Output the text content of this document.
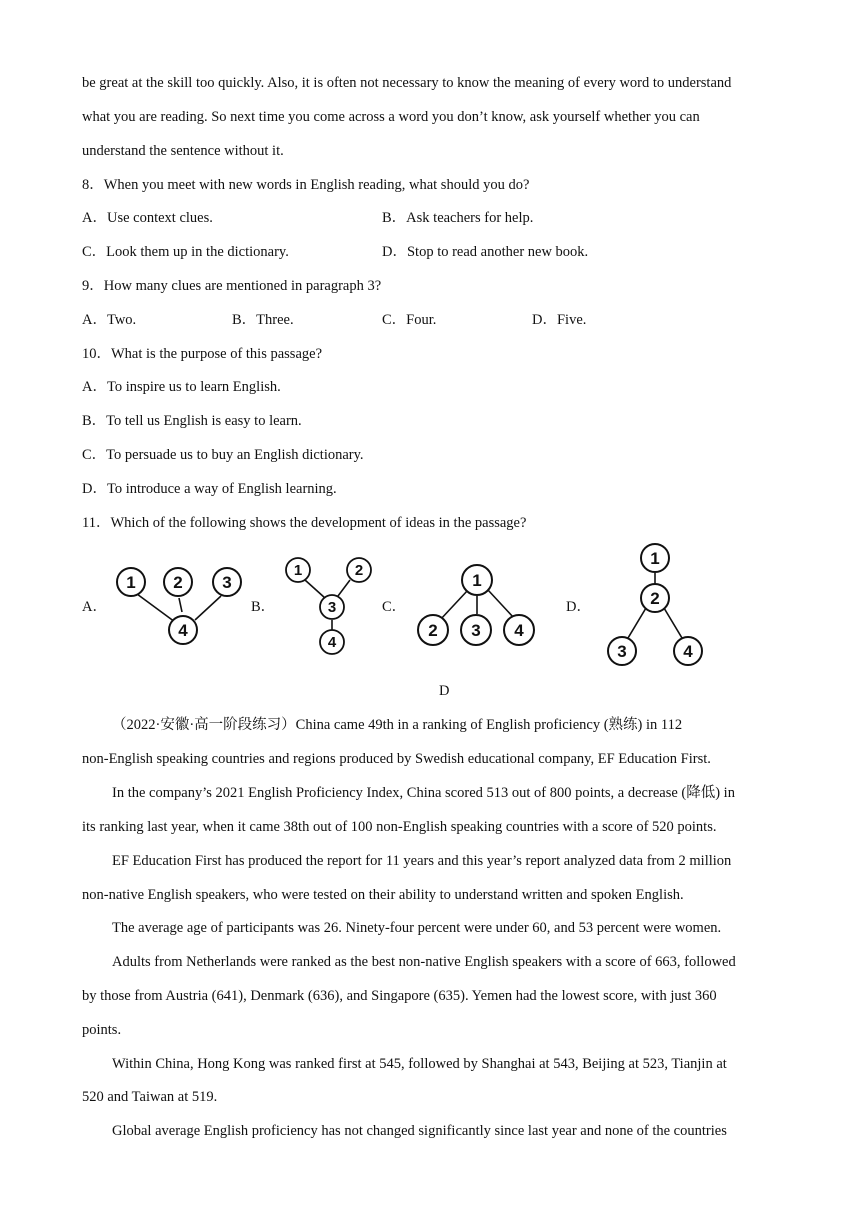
be great at the skill too quickly. Also, it is often not necessary to know the meaning of every word to understand
what you are reading. So next time you come across a word you don’t know, ask yourself whether you can
understand the sentence without it.
8．When you meet with new words in English reading, what should you do?
A．Use context clues.	B．Ask teachers for help.
C．Look them up in the dictionary.	D．Stop to read another new book.
9．How many clues are mentioned in paragraph 3?
A．Two.	B．Three.	C．Four.	D．Five.
10．What is the purpose of this passage?
A．To inspire us to learn English.
B．To tell us English is easy to learn.
C．To persuade us to buy an English dictionary.
D．To introduce a way of English learning.
11．Which of the following shows the development of ideas in the passage?
A．	B．	C．	D．
1 2 3
4
1	2
3
4
1
2 3 4
1
2
3	4
D
（2022·安徽·高一阶段练习）China came 49th in a ranking of English proficiency (熟练) in 112
non-English speaking countries and regions produced by Swedish educational company, EF Education First.
In the company’s 2021 English Proficiency Index, China scored 513 out of 800 points, a decrease (降低) in
its ranking last year, when it came 38th out of 100 non-English speaking countries with a score of 520 points.
EF Education First has produced the report for 11 years and this year’s report analyzed data from 2 million
non-native English speakers, who were tested on their ability to understand written and spoken English.
The average age of participants was 26. Ninety-four percent were under 60, and 53 percent were women.
Adults from Netherlands were ranked as the best non-native English speakers with a score of 663, followed
by those from Austria (641), Denmark (636), and Singapore (635). Yemen had the lowest score, with just 360
points.
Within China, Hong Kong was ranked first at 545, followed by Shanghai at 543, Beijing at 523, Tianjin at
520 and Taiwan at 519.
Global average English proficiency has not changed significantly since last year and none of the countries
